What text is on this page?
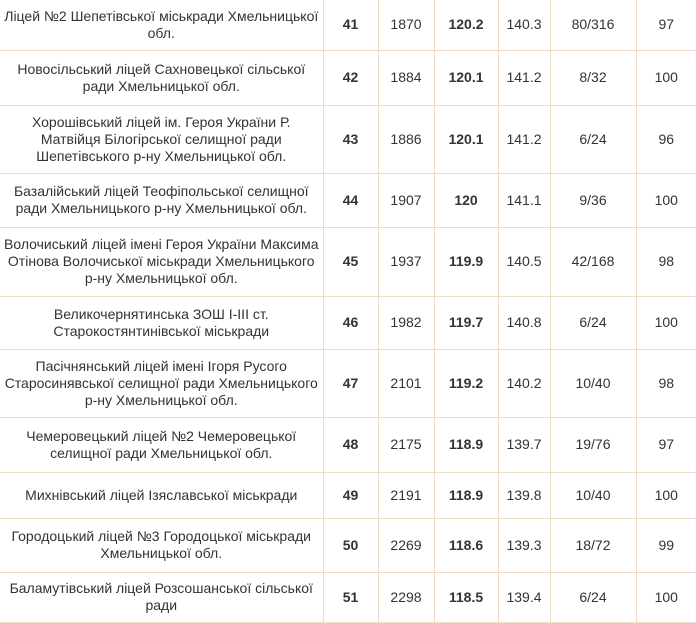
Ліцей №2 Шепетівської міськради Хмельницької обл.	41	1870	120.2	140.3	80/316	97
Новосільський ліцей Сахновецької сільської ради Хмельницької обл.	42	1884	120.1	141.2	8/32	100
Хорошівський ліцей ім. Героя України Р. Матвійця Білогірської селищної ради Шепетівського р-ну Хмельницької обл.	43	1886	120.1	141.2	6/24	96
Базалійський ліцей Теофіпольської селищної ради Хмельницького р-ну Хмельницької обл.	44	1907	120	141.1	9/36	100
Волочиський ліцей імені Героя України Максима Отінова Волочиської міськради Хмельницького р-ну Хмельницької обл.	45	1937	119.9	140.5	42/168	98
Великочернятинська ЗОШ І-ІІІ ст. Старокостянтинівської міськради	46	1982	119.7	140.8	6/24	100
Пасічнянський ліцей імені Ігоря Русого Старосинявської селищної ради Хмельницького р-ну Хмельницької обл.	47	2101	119.2	140.2	10/40	98
Чемеровецький ліцей №2 Чемеровецької селищної ради Хмельницької обл.	48	2175	118.9	139.7	19/76	97
Михнівський ліцей Ізяславської міськради	49	2191	118.9	139.8	10/40	100
Городоцький ліцей №3 Городоцької міськради Хмельницької обл.	50	2269	118.6	139.3	18/72	99
Баламутівський ліцей Розсошанської сільської ради	51	2298	118.5	139.4	6/24	100
